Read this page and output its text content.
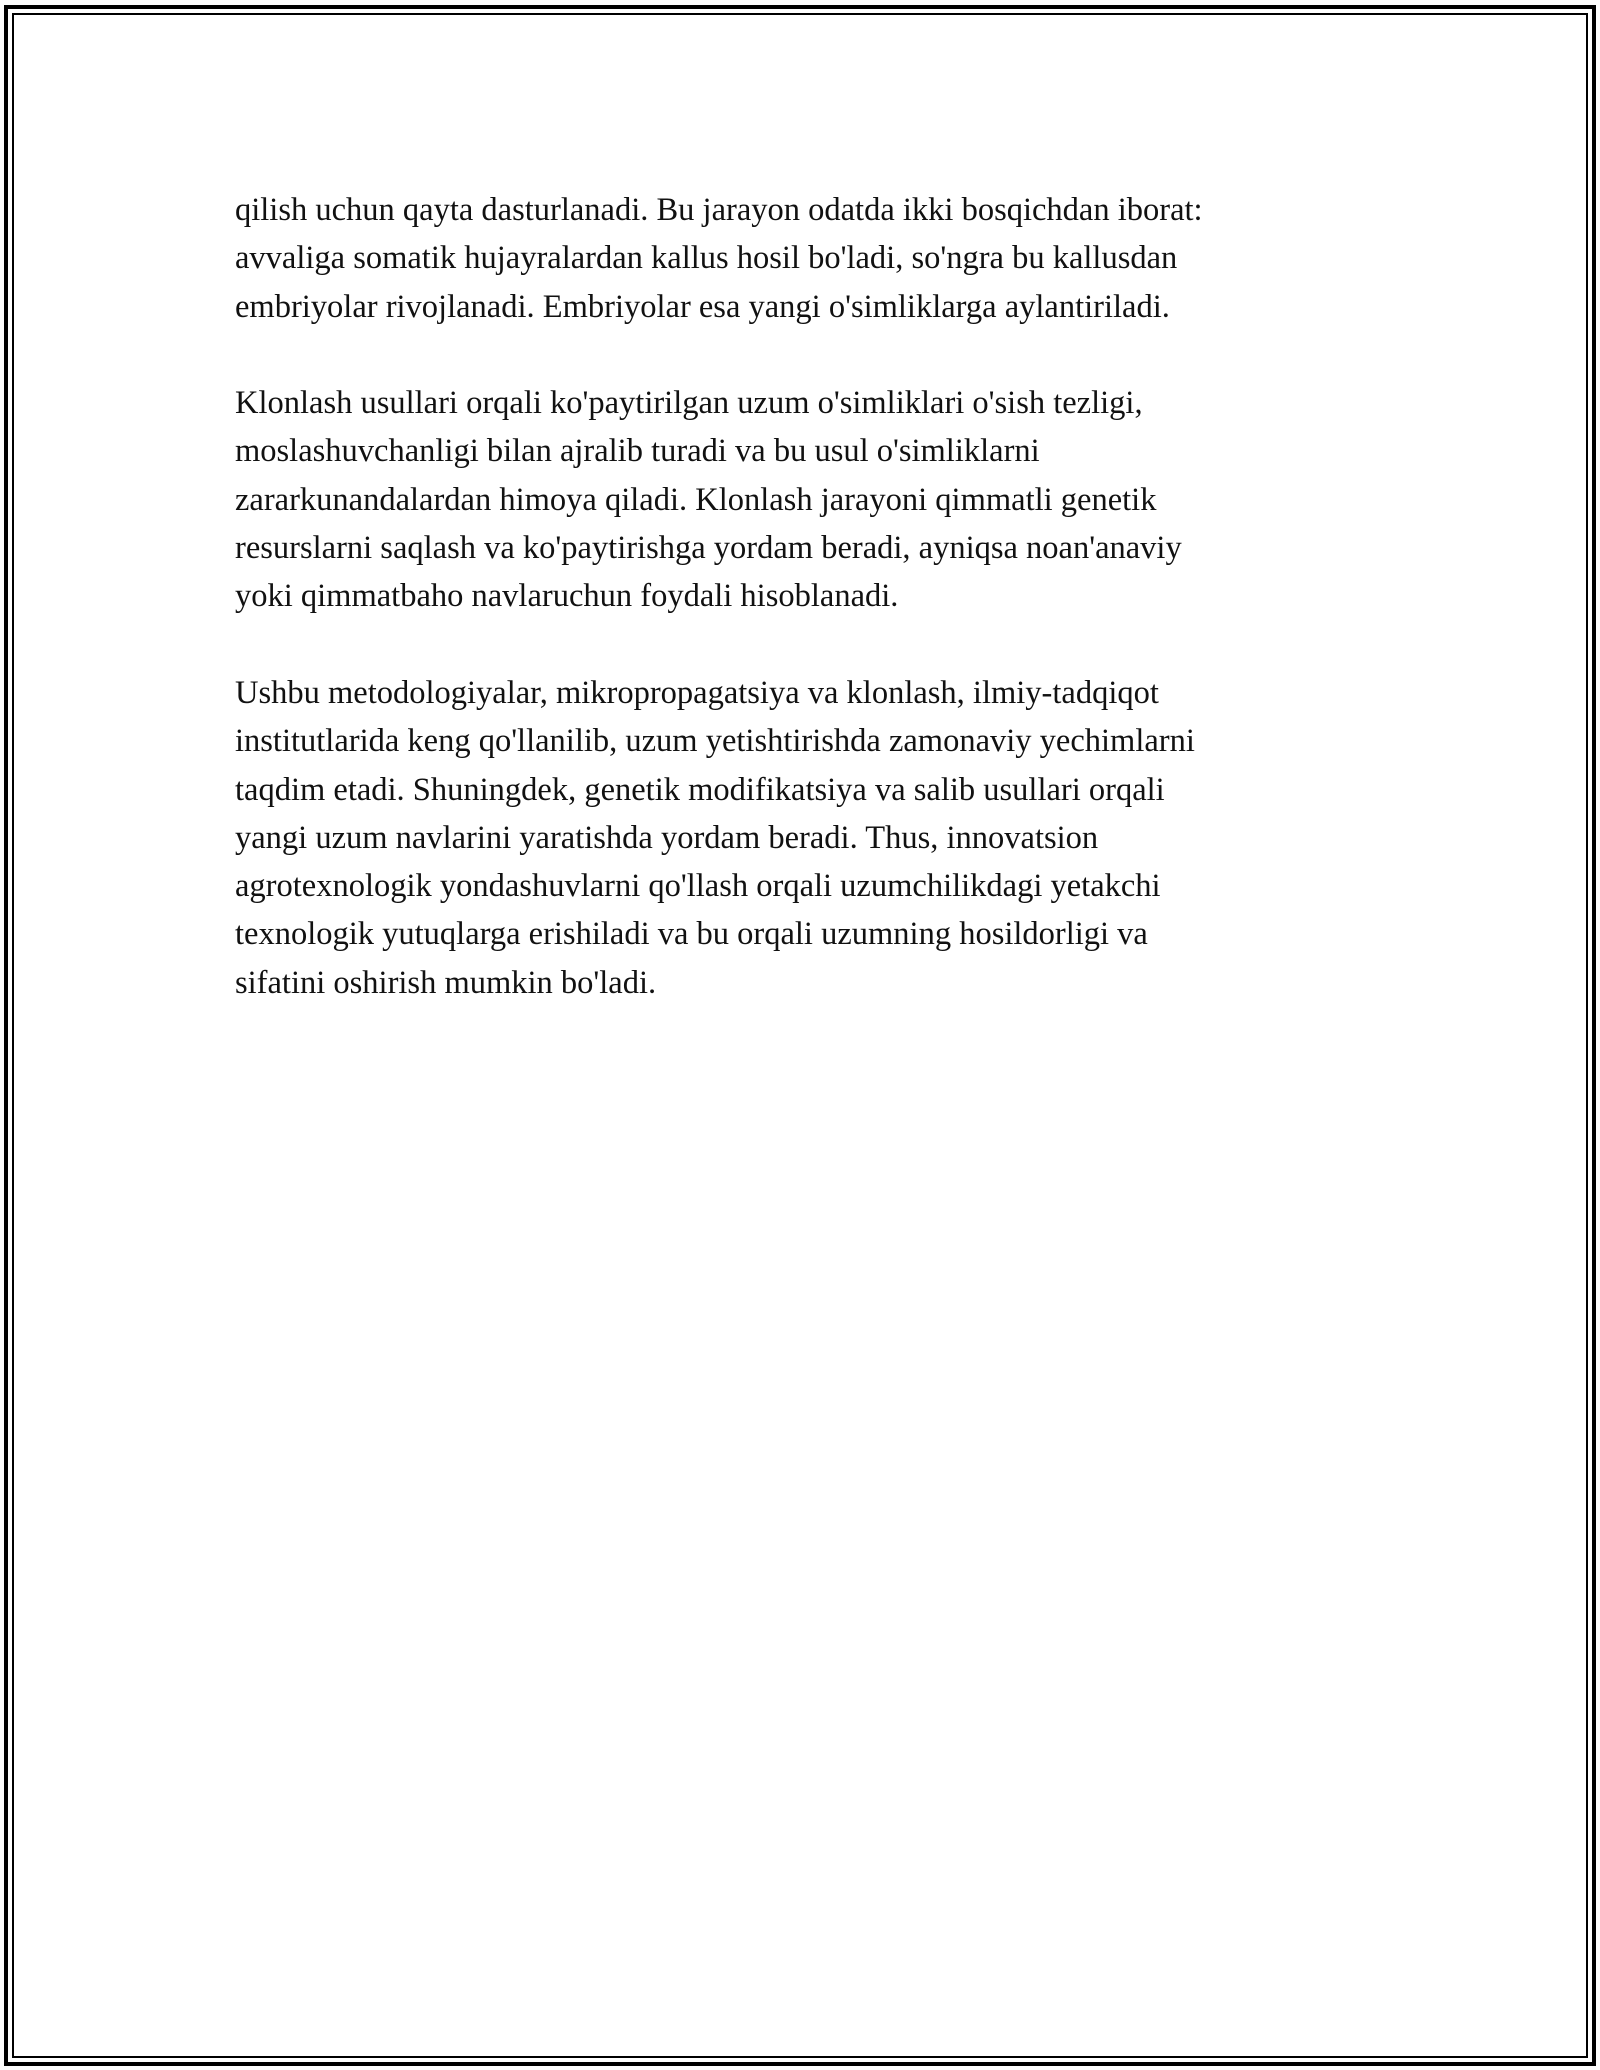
qilish uchun qayta dasturlanadi. Bu jarayon odatda ikki bosqichdan iborat:
avvaliga somatik hujayralardan kallus hosil bo'ladi, so'ngra bu kallusdan
embriyolar rivojlanadi. Embriyolar esa yangi o'simliklarga aylantiriladi.

Klonlash usullari orqali ko'paytirilgan uzum o'simliklari o'sish tezligi,
moslashuvchanligi bilan ajralib turadi va bu usul o'simliklarni
zararkunandalardan himoya qiladi. Klonlash jarayoni qimmatli genetik
resurslarni saqlash va ko'paytirishga yordam beradi, ayniqsa noan'anaviy
yoki qimmatbaho navlaruchun foydali hisoblanadi.

Ushbu metodologiyalar, mikropropagatsiya va klonlash, ilmiy-tadqiqot
institutlarida keng qo'llanilib, uzum yetishtirishda zamonaviy yechimlarni
taqdim etadi. Shuningdek, genetik modifikatsiya va salib usullari orqali
yangi uzum navlarini yaratishda yordam beradi. Thus, innovatsion
agrotexnologik yondashuvlarni qo'llash orqali uzumchilikdagi yetakchi
texnologik yutuqlarga erishiladi va bu orqali uzumning hosildorligi va
sifatini oshirish mumkin bo'ladi.
